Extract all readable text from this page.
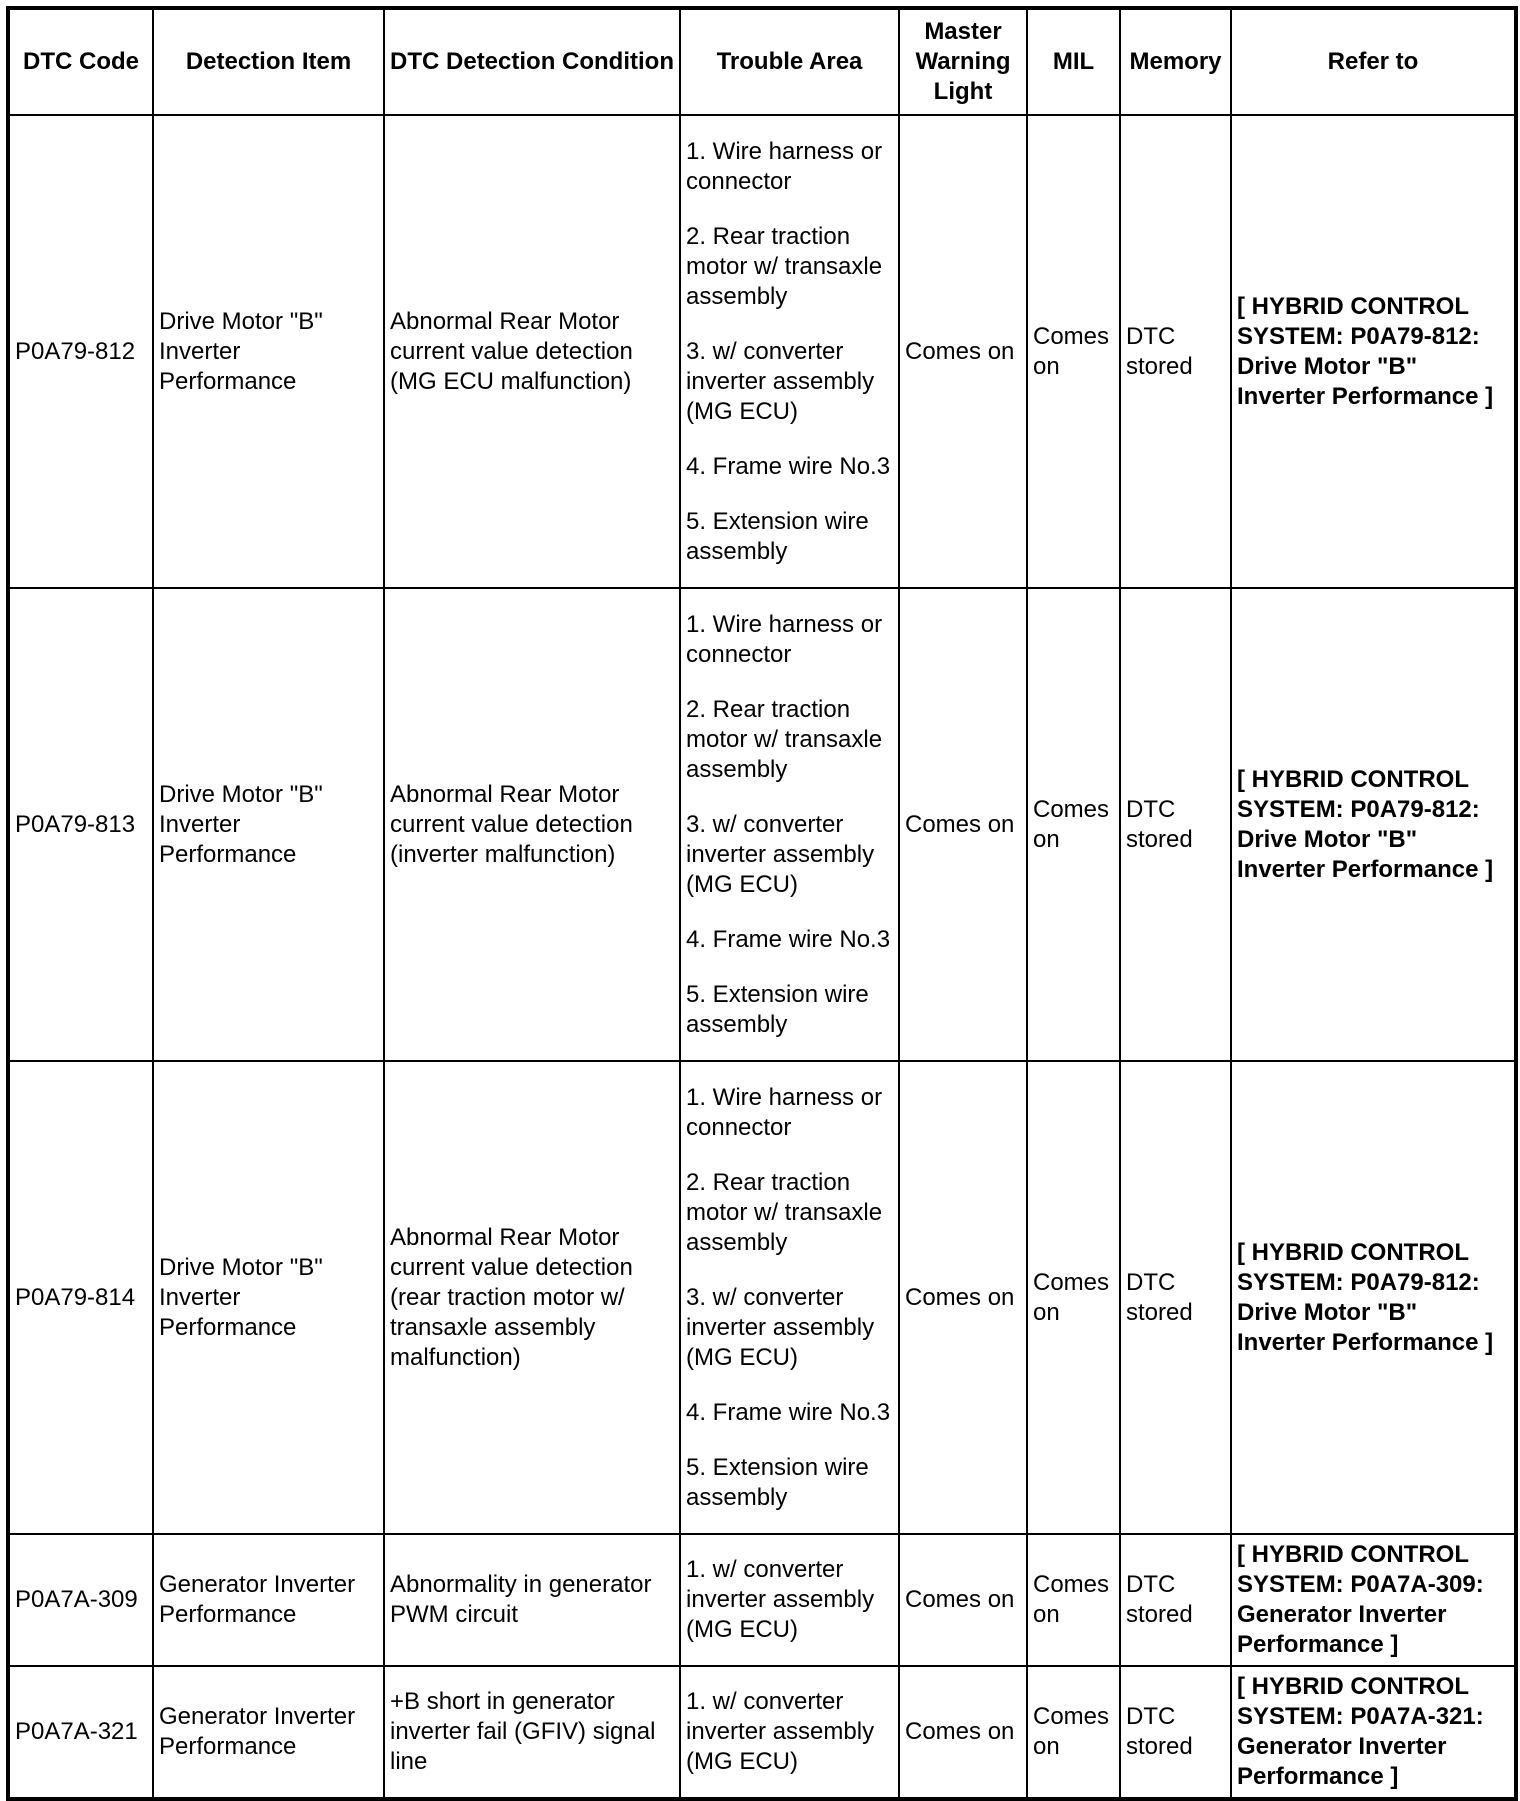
DTC Code	Detection Item	DTC Detection Condition	Trouble Area	Master Warning Light	MIL	Memory	Refer to
P0A79-812	Drive Motor "B" Inverter Performance	Abnormal Rear Motor current value detection (MG ECU malfunction)	1. Wire harness or connector
2. Rear traction motor w/ transaxle assembly
3. w/ converter inverter assembly (MG ECU)
4. Frame wire No.3
5. Extension wire assembly	Comes on	Comes on	DTC stored	[ HYBRID CONTROL SYSTEM: P0A79-812: Drive Motor "B" Inverter Performance ]
P0A79-813	Drive Motor "B" Inverter Performance	Abnormal Rear Motor current value detection (inverter malfunction)	1. Wire harness or connector
2. Rear traction motor w/ transaxle assembly
3. w/ converter inverter assembly (MG ECU)
4. Frame wire No.3
5. Extension wire assembly	Comes on	Comes on	DTC stored	[ HYBRID CONTROL SYSTEM: P0A79-812: Drive Motor "B" Inverter Performance ]
P0A79-814	Drive Motor "B" Inverter Performance	Abnormal Rear Motor current value detection (rear traction motor w/ transaxle assembly malfunction)	1. Wire harness or connector
2. Rear traction motor w/ transaxle assembly
3. w/ converter inverter assembly (MG ECU)
4. Frame wire No.3
5. Extension wire assembly	Comes on	Comes on	DTC stored	[ HYBRID CONTROL SYSTEM: P0A79-812: Drive Motor "B" Inverter Performance ]
P0A7A-309	Generator Inverter Performance	Abnormality in generator PWM circuit	1. w/ converter inverter assembly (MG ECU)	Comes on	Comes on	DTC stored	[ HYBRID CONTROL SYSTEM: P0A7A-309: Generator Inverter Performance ]
P0A7A-321	Generator Inverter Performance	+B short in generator inverter fail (GFIV) signal line	1. w/ converter inverter assembly (MG ECU)	Comes on	Comes on	DTC stored	[ HYBRID CONTROL SYSTEM: P0A7A-321: Generator Inverter Performance ]
